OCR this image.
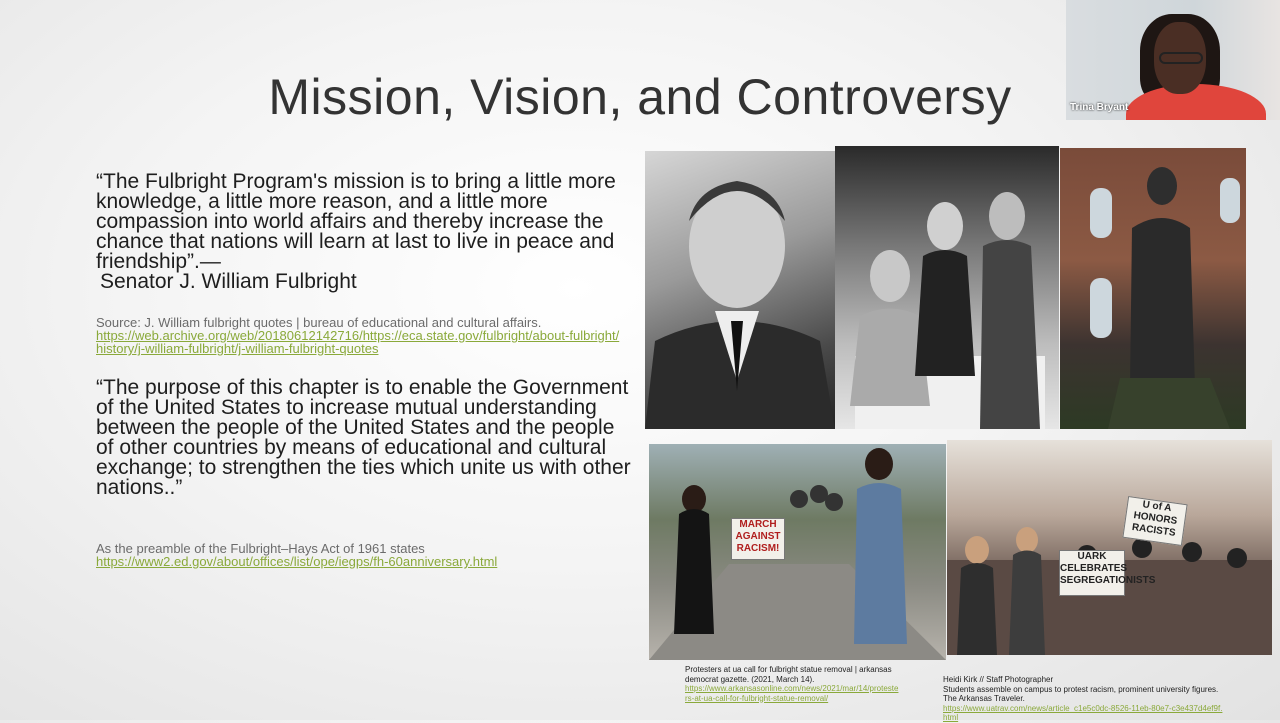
Mission, Vision, and Controversy

“The Fulbright Program's mission is to bring a little more knowledge, a little more reason, and a little more compassion into world affairs and thereby increase the chance that nations will learn at last to live in peace and friendship”.—
Senator J. William Fulbright

Source: J. William fulbright quotes | bureau of educational and cultural affairs.
https://web.archive.org/web/20180612142716/https://eca.state.gov/fulbright/about-fulbright/history/j-william-fulbright/j-william-fulbright-quotes

“The purpose of this chapter is to enable the Government of the United States to increase mutual understanding between the people of the United States and the people of other countries by means of educational and cultural exchange; to strengthen the ties which unite us with other nations..”

As the preamble of the Fulbright–Hays Act of 1961 states
https://www2.ed.gov/about/offices/list/ope/iegps/fh-60anniversary.html
MARCH AGAINST RACISM!
UARK CELEBRATES SEGREGATIONISTS
U of A HONORS RACISTS
Protesters at ua call for fulbright statue removal | arkansas democrat gazette. (2021, March 14).
https://www.arkansasonline.com/news/2021/mar/14/protesters-at-ua-call-for-fulbright-statue-removal/
Heidi Kirk // Staff Photographer
Students assemble on campus to protest racism, prominent university figures. The Arkansas Traveler.
https://www.uatrav.com/news/article_c1e5c0dc-8526-11eb-80e7-c3e437d4ef9f.html
Trina Bryant
